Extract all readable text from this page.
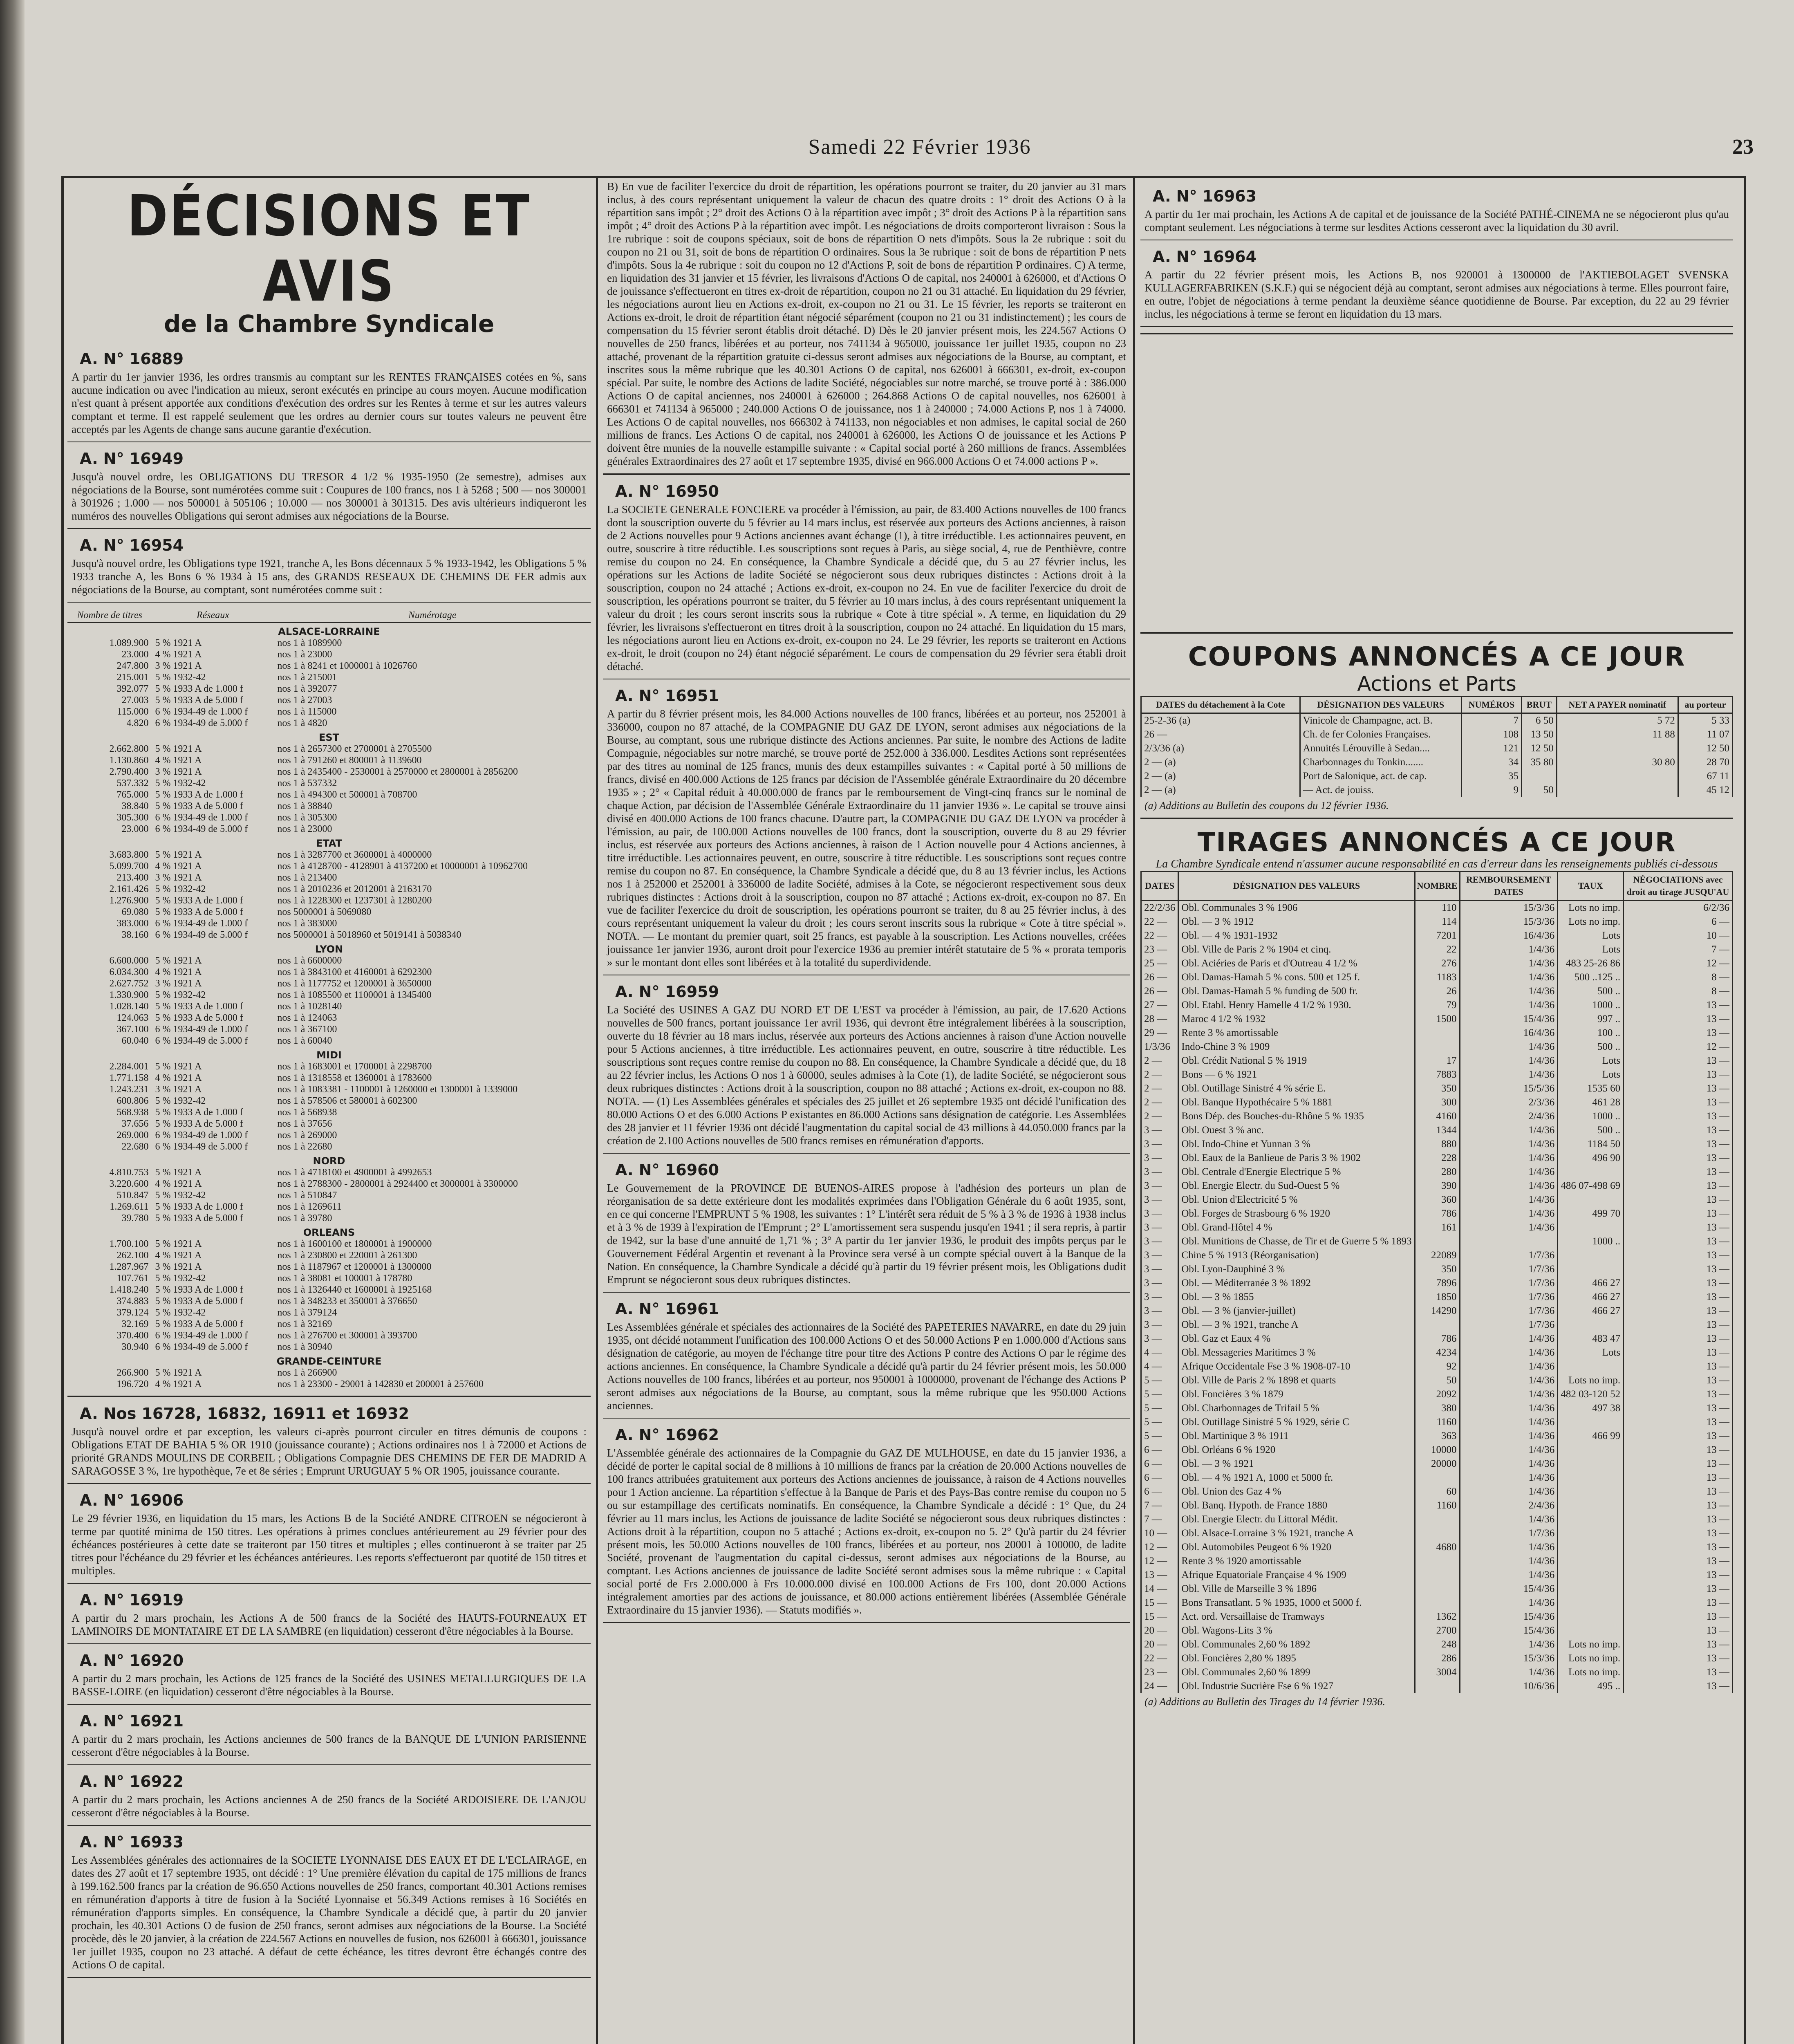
Samedi 22 Février 1936	23
DÉCISIONS ET AVIS
de la Chambre Syndicale
A. N° 16889
A partir du 1er janvier 1936, les ordres transmis au comptant sur les RENTES FRANÇAISES cotées en %, sans aucune indication ou avec l'indication au mieux, seront exécutés en principe au cours moyen. Aucune modification n'est quant à présent apportée aux conditions d'exécution des ordres sur les Rentes à terme et sur les autres valeurs comptant et terme. Il est rappelé seulement que les ordres au dernier cours sur toutes valeurs ne peuvent être acceptés par les Agents de change sans aucune garantie d'exécution.
A. N° 16949
Jusqu'à nouvel ordre, les OBLIGATIONS DU TRESOR 4 1/2 % 1935-1950 (2e semestre), admises aux négociations de la Bourse, sont numérotées comme suit : Coupures de 100 francs, nos 1 à 5268 ; 500 — nos 300001 à 301926 ; 1.000 — nos 500001 à 505106 ; 10.000 — nos 300001 à 301315. Des avis ultérieurs indiqueront les numéros des nouvelles Obligations qui seront admises aux négociations de la Bourse.
A. N° 16954
Jusqu'à nouvel ordre, les Obligations type 1921, tranche A, les Bons décennaux 5 % 1933-1942, les Obligations 5 % 1933 tranche A, les Bons 6 % 1934 à 15 ans, des GRANDS RESEAUX DE CHEMINS DE FER admis aux négociations de la Bourse, au comptant, sont numérotées comme suit :
Nombre de titres	Réseaux	Numérotage
ALSACE-LORRAINE		
1.089.900	5 % 1921 A	nos 1 à 1089900
23.000	4 % 1921 A	nos 1 à 23000
247.800	3 % 1921 A	nos 1 à 8241 et 1000001 à 1026760
215.001	5 % 1932-42	nos 1 à 215001
392.077	5 % 1933 A de 1.000 f	nos 1 à 392077
27.003	5 % 1933 A de 5.000 f	nos 1 à 27003
115.000	6 % 1934-49 de 1.000 f	nos 1 à 115000
4.820	6 % 1934-49 de 5.000 f	nos 1 à 4820
EST		
2.662.800	5 % 1921 A	nos 1 à 2657300 et 2700001 à 2705500
1.130.860	4 % 1921 A	nos 1 à 791260 et 800001 à 1139600
2.790.400	3 % 1921 A	nos 1 à 2435400 - 2530001 à 2570000 et 2800001 à 2856200
537.332	5 % 1932-42	nos 1 à 537332
765.000	5 % 1933 A de 1.000 f	nos 1 à 494300 et 500001 à 708700
38.840	5 % 1933 A de 5.000 f	nos 1 à 38840
305.300	6 % 1934-49 de 1.000 f	nos 1 à 305300
23.000	6 % 1934-49 de 5.000 f	nos 1 à 23000
ETAT		
3.683.800	5 % 1921 A	nos 1 à 3287700 et 3600001 à 4000000
5.099.700	4 % 1921 A	nos 1 à 4128700 - 4128901 à 4137200 et 10000001 à 10962700
213.400	3 % 1921 A	nos 1 à 213400
2.161.426	5 % 1932-42	nos 1 à 2010236 et 2012001 à 2163170
1.276.900	5 % 1933 A de 1.000 f	nos 1 à 1228300 et 1237301 à 1280200
69.080	5 % 1933 A de 5.000 f	nos 5000001 à 5069080
383.000	6 % 1934-49 de 1.000 f	nos 1 à 383000
38.160	6 % 1934-49 de 5.000 f	nos 5000001 à 5018960 et 5019141 à 5038340
LYON		
6.600.000	5 % 1921 A	nos 1 à 6600000
6.034.300	4 % 1921 A	nos 1 à 3843100 et 4160001 à 6292300
2.627.752	3 % 1921 A	nos 1 à 1177752 et 1200001 à 3650000
1.330.900	5 % 1932-42	nos 1 à 1085500 et 1100001 à 1345400
1.028.140	5 % 1933 A de 1.000 f	nos 1 à 1028140
124.063	5 % 1933 A de 5.000 f	nos 1 à 124063
367.100	6 % 1934-49 de 1.000 f	nos 1 à 367100
60.040	6 % 1934-49 de 5.000 f	nos 1 à 60040
MIDI		
2.284.001	5 % 1921 A	nos 1 à 1683001 et 1700001 à 2298700
1.771.158	4 % 1921 A	nos 1 à 1318558 et 1360001 à 1783600
1.243.231	3 % 1921 A	nos 1 à 1083381 - 1100001 à 1260000 et 1300001 à 1339000
600.806	5 % 1932-42	nos 1 à 578506 et 580001 à 602300
568.938	5 % 1933 A de 1.000 f	nos 1 à 568938
37.656	5 % 1933 A de 5.000 f	nos 1 à 37656
269.000	6 % 1934-49 de 1.000 f	nos 1 à 269000
22.680	6 % 1934-49 de 5.000 f	nos 1 à 22680
NORD		
4.810.753	5 % 1921 A	nos 1 à 4718100 et 4900001 à 4992653
3.220.600	4 % 1921 A	nos 1 à 2788300 - 2800001 à 2924400 et 3000001 à 3300000
510.847	5 % 1932-42	nos 1 à 510847
1.269.611	5 % 1933 A de 1.000 f	nos 1 à 1269611
39.780	5 % 1933 A de 5.000 f	nos 1 à 39780
ORLEANS		
1.700.100	5 % 1921 A	nos 1 à 1600100 et 1800001 à 1900000
262.100	4 % 1921 A	nos 1 à 230800 et 220001 à 261300
1.287.967	3 % 1921 A	nos 1 à 1187967 et 1200001 à 1300000
107.761	5 % 1932-42	nos 1 à 38081 et 100001 à 178780
1.418.240	5 % 1933 A de 1.000 f	nos 1 à 1326440 et 1600001 à 1925168
374.883	5 % 1933 A de 5.000 f	nos 1 à 348233 et 350001 à 376650
379.124	5 % 1932-42	nos 1 à 379124
32.169	5 % 1933 A de 5.000 f	nos 1 à 32169
370.400	6 % 1934-49 de 1.000 f	nos 1 à 276700 et 300001 à 393700
30.940	6 % 1934-49 de 5.000 f	nos 1 à 30940
GRANDE-CEINTURE		
266.900	5 % 1921 A	nos 1 à 266900
196.720	4 % 1921 A	nos 1 à 23300 - 29001 à 142830 et 200001 à 257600
A. Nos 16728, 16832, 16911 et 16932
Jusqu'à nouvel ordre et par exception, les valeurs ci-après pourront circuler en titres démunis de coupons : Obligations ETAT DE BAHIA 5 % OR 1910 (jouissance courante) ; Actions ordinaires nos 1 à 72000 et Actions de priorité GRANDS MOULINS DE CORBEIL ; Obligations Compagnie DES CHEMINS DE FER DE MADRID A SARAGOSSE 3 %, 1re hypothèque, 7e et 8e séries ; Emprunt URUGUAY 5 % OR 1905, jouissance courante.
A. N° 16906
Le 29 février 1936, en liquidation du 15 mars, les Actions B de la Société ANDRE CITROEN se négocieront à terme par quotité minima de 150 titres. Les opérations à primes conclues antérieurement au 29 février pour des échéances postérieures à cette date se traiteront par 150 titres et multiples ; elles continueront à se traiter par 25 titres pour l'échéance du 29 février et les échéances antérieures. Les reports s'effectueront par quotité de 150 titres et multiples.
A. N° 16919
A partir du 2 mars prochain, les Actions A de 500 francs de la Société des HAUTS-FOURNEAUX ET LAMINOIRS DE MONTATAIRE ET DE LA SAMBRE (en liquidation) cesseront d'être négociables à la Bourse.
A. N° 16920
A partir du 2 mars prochain, les Actions de 125 francs de la Société des USINES METALLURGIQUES DE LA BASSE-LOIRE (en liquidation) cesseront d'être négociables à la Bourse.
A. N° 16921
A partir du 2 mars prochain, les Actions anciennes de 500 francs de la BANQUE DE L'UNION PARISIENNE cesseront d'être négociables à la Bourse.
A. N° 16922
A partir du 2 mars prochain, les Actions anciennes A de 250 francs de la Société ARDOISIERE DE L'ANJOU cesseront d'être négociables à la Bourse.
A. N° 16933
Les Assemblées générales des actionnaires de la SOCIETE LYONNAISE DES EAUX ET DE L'ECLAIRAGE, en dates des 27 août et 17 septembre 1935, ont décidé : 1° Une première élévation du capital de 175 millions de francs à 199.162.500 francs par la création de 96.650 Actions nouvelles de 250 francs, comportant 40.301 Actions remises en rémunération d'apports à titre de fusion à la Société Lyonnaise et 56.349 Actions remises à 16 Sociétés en rémunération d'apports simples. En conséquence, la Chambre Syndicale a décidé que, à partir du 20 janvier prochain, les 40.301 Actions O de fusion de 250 francs, seront admises aux négociations de la Bourse. La Société procède, dès le 20 janvier, à la création de 224.567 Actions en nouvelles de fusion, nos 626001 à 666301, jouissance 1er juillet 1935, coupon no 23 attaché. A défaut de cette échéance, les titres devront être échangés contre des Actions O de capital.
B) En vue de faciliter l'exercice du droit de répartition, les opérations pourront se traiter, du 20 janvier au 31 mars inclus, à des cours représentant uniquement la valeur de chacun des quatre droits : 1° droit des Actions O à la répartition sans impôt ; 2° droit des Actions O à la répartition avec impôt ; 3° droit des Actions P à la répartition sans impôt ; 4° droit des Actions P à la répartition avec impôt. Les négociations de droits comporteront livraison : Sous la 1re rubrique : soit de coupons spéciaux, soit de bons de répartition O nets d'impôts. Sous la 2e rubrique : soit du coupon no 21 ou 31, soit de bons de répartition O ordinaires. Sous la 3e rubrique : soit de bons de répartition P nets d'impôts. Sous la 4e rubrique : soit du coupon no 12 d'Actions P, soit de bons de répartition P ordinaires. C) A terme, en liquidation des 31 janvier et 15 février, les livraisons d'Actions O de capital, nos 240001 à 626000, et d'Actions O de jouissance s'effectueront en titres ex-droit de répartition, coupon no 21 ou 31 attaché. En liquidation du 29 février, les négociations auront lieu en Actions ex-droit, ex-coupon no 21 ou 31. Le 15 février, les reports se traiteront en Actions ex-droit, le droit de répartition étant négocié séparément (coupon no 21 ou 31 indistinctement) ; les cours de compensation du 15 février seront établis droit détaché. D) Dès le 20 janvier présent mois, les 224.567 Actions O nouvelles de 250 francs, libérées et au porteur, nos 741134 à 965000, jouissance 1er juillet 1935, coupon no 23 attaché, provenant de la répartition gratuite ci-dessus seront admises aux négociations de la Bourse, au comptant, et inscrites sous la même rubrique que les 40.301 Actions O de capital, nos 626001 à 666301, ex-droit, ex-coupon spécial. Par suite, le nombre des Actions de ladite Société, négociables sur notre marché, se trouve porté à : 386.000 Actions O de capital anciennes, nos 240001 à 626000 ; 264.868 Actions O de capital nouvelles, nos 626001 à 666301 et 741134 à 965000 ; 240.000 Actions O de jouissance, nos 1 à 240000 ; 74.000 Actions P, nos 1 à 74000. Les Actions O de capital nouvelles, nos 666302 à 741133, non négociables et non admises, le capital social de 260 millions de francs. Les Actions O de capital, nos 240001 à 626000, les Actions O de jouissance et les Actions P doivent être munies de la nouvelle estampille suivante : « Capital social porté à 260 millions de francs. Assemblées générales Extraordinaires des 27 août et 17 septembre 1935, divisé en 966.000 Actions O et 74.000 actions P ».
A. N° 16950
La SOCIETE GENERALE FONCIERE va procéder à l'émission, au pair, de 83.400 Actions nouvelles de 100 francs dont la souscription ouverte du 5 février au 14 mars inclus, est réservée aux porteurs des Actions anciennes, à raison de 2 Actions nouvelles pour 9 Actions anciennes avant échange (1), à titre irréductible. Les actionnaires peuvent, en outre, souscrire à titre réductible. Les souscriptions sont reçues à Paris, au siège social, 4, rue de Penthièvre, contre remise du coupon no 24. En conséquence, la Chambre Syndicale a décidé que, du 5 au 27 février inclus, les opérations sur les Actions de ladite Société se négocieront sous deux rubriques distinctes : Actions droit à la souscription, coupon no 24 attaché ; Actions ex-droit, ex-coupon no 24. En vue de faciliter l'exercice du droit de souscription, les opérations pourront se traiter, du 5 février au 10 mars inclus, à des cours représentant uniquement la valeur du droit ; les cours seront inscrits sous la rubrique « Cote à titre spécial ». A terme, en liquidation du 29 février, les livraisons s'effectueront en titres droit à la souscription, coupon no 24 attaché. En liquidation du 15 mars, les négociations auront lieu en Actions ex-droit, ex-coupon no 24. Le 29 février, les reports se traiteront en Actions ex-droit, le droit (coupon no 24) étant négocié séparément. Le cours de compensation du 29 février sera établi droit détaché.
A. N° 16951
A partir du 8 février présent mois, les 84.000 Actions nouvelles de 100 francs, libérées et au porteur, nos 252001 à 336000, coupon no 87 attaché, de la COMPAGNIE DU GAZ DE LYON, seront admises aux négociations de la Bourse, au comptant, sous une rubrique distincte des Actions anciennes. Par suite, le nombre des Actions de ladite Compagnie, négociables sur notre marché, se trouve porté de 252.000 à 336.000. Lesdites Actions sont représentées par des titres au nominal de 125 francs, munis des deux estampilles suivantes : « Capital porté à 50 millions de francs, divisé en 400.000 Actions de 125 francs par décision de l'Assemblée générale Extraordinaire du 20 décembre 1935 » ; 2° « Capital réduit à 40.000.000 de francs par le remboursement de Vingt-cinq francs sur le nominal de chaque Action, par décision de l'Assemblée Générale Extraordinaire du 11 janvier 1936 ». Le capital se trouve ainsi divisé en 400.000 Actions de 100 francs chacune. D'autre part, la COMPAGNIE DU GAZ DE LYON va procéder à l'émission, au pair, de 100.000 Actions nouvelles de 100 francs, dont la souscription, ouverte du 8 au 29 février inclus, est réservée aux porteurs des Actions anciennes, à raison de 1 Action nouvelle pour 4 Actions anciennes, à titre irréductible. Les actionnaires peuvent, en outre, souscrire à titre réductible. Les souscriptions sont reçues contre remise du coupon no 87. En conséquence, la Chambre Syndicale a décidé que, du 8 au 13 février inclus, les Actions nos 1 à 252000 et 252001 à 336000 de ladite Société, admises à la Cote, se négocieront respectivement sous deux rubriques distinctes : Actions droit à la souscription, coupon no 87 attaché ; Actions ex-droit, ex-coupon no 87. En vue de faciliter l'exercice du droit de souscription, les opérations pourront se traiter, du 8 au 25 février inclus, à des cours représentant uniquement la valeur du droit ; les cours seront inscrits sous la rubrique « Cote à titre spécial ». NOTA. — Le montant du premier quart, soit 25 francs, est payable à la souscription. Les Actions nouvelles, créées jouissance 1er janvier 1936, auront droit pour l'exercice 1936 au premier intérêt statutaire de 5 % « prorata temporis » sur le montant dont elles sont libérées et à la totalité du superdividende.
A. N° 16959
La Société des USINES A GAZ DU NORD ET DE L'EST va procéder à l'émission, au pair, de 17.620 Actions nouvelles de 500 francs, portant jouissance 1er avril 1936, qui devront être intégralement libérées à la souscription, ouverte du 18 février au 18 mars inclus, réservée aux porteurs des Actions anciennes à raison d'une Action nouvelle pour 5 Actions anciennes, à titre irréductible. Les actionnaires peuvent, en outre, souscrire à titre réductible. Les souscriptions sont reçues contre remise du coupon no 88. En conséquence, la Chambre Syndicale a décidé que, du 18 au 22 février inclus, les Actions O nos 1 à 60000, seules admises à la Cote (1), de ladite Société, se négocieront sous deux rubriques distinctes : Actions droit à la souscription, coupon no 88 attaché ; Actions ex-droit, ex-coupon no 88. NOTA. — (1) Les Assemblées générales et spéciales des 25 juillet et 26 septembre 1935 ont décidé l'unification des 80.000 Actions O et des 6.000 Actions P existantes en 86.000 Actions sans désignation de catégorie. Les Assemblées des 28 janvier et 11 février 1936 ont décidé l'augmentation du capital social de 43 millions à 44.050.000 francs par la création de 2.100 Actions nouvelles de 500 francs remises en rémunération d'apports.
A. N° 16960
Le Gouvernement de la PROVINCE DE BUENOS-AIRES propose à l'adhésion des porteurs un plan de réorganisation de sa dette extérieure dont les modalités exprimées dans l'Obligation Générale du 6 août 1935, sont, en ce qui concerne l'EMPRUNT 5 % 1908, les suivantes : 1° L'intérêt sera réduit de 5 % à 3 % de 1936 à 1938 inclus et à 3 % de 1939 à l'expiration de l'Emprunt ; 2° L'amortissement sera suspendu jusqu'en 1941 ; il sera repris, à partir de 1942, sur la base d'une annuité de 1,71 % ; 3° A partir du 1er janvier 1936, le produit des impôts perçus par le Gouvernement Fédéral Argentin et revenant à la Province sera versé à un compte spécial ouvert à la Banque de la Nation. En conséquence, la Chambre Syndicale a décidé qu'à partir du 19 février présent mois, les Obligations dudit Emprunt se négocieront sous deux rubriques distinctes.
A. N° 16961
Les Assemblées générale et spéciales des actionnaires de la Société des PAPETERIES NAVARRE, en date du 29 juin 1935, ont décidé notamment l'unification des 100.000 Actions O et des 50.000 Actions P en 1.000.000 d'Actions sans désignation de catégorie, au moyen de l'échange titre pour titre des Actions P contre des Actions O par le régime des actions anciennes. En conséquence, la Chambre Syndicale a décidé qu'à partir du 24 février présent mois, les 50.000 Actions nouvelles de 100 francs, libérées et au porteur, nos 950001 à 1000000, provenant de l'échange des Actions P seront admises aux négociations de la Bourse, au comptant, sous la même rubrique que les 950.000 Actions anciennes.
A. N° 16962
L'Assemblée générale des actionnaires de la Compagnie du GAZ DE MULHOUSE, en date du 15 janvier 1936, a décidé de porter le capital social de 8 millions à 10 millions de francs par la création de 20.000 Actions nouvelles de 100 francs attribuées gratuitement aux porteurs des Actions anciennes de jouissance, à raison de 4 Actions nouvelles pour 1 Action ancienne. La répartition s'effectue à la Banque de Paris et des Pays-Bas contre remise du coupon no 5 ou sur estampillage des certificats nominatifs. En conséquence, la Chambre Syndicale a décidé : 1° Que, du 24 février au 11 mars inclus, les Actions de jouissance de ladite Société se négocieront sous deux rubriques distinctes : Actions droit à la répartition, coupon no 5 attaché ; Actions ex-droit, ex-coupon no 5. 2° Qu'à partir du 24 février présent mois, les 50.000 Actions nouvelles de 100 francs, libérées et au porteur, nos 20001 à 100000, de ladite Société, provenant de l'augmentation du capital ci-dessus, seront admises aux négociations de la Bourse, au comptant. Les Actions anciennes de jouissance de ladite Société seront admises sous la même rubrique : « Capital social porté de Frs 2.000.000 à Frs 10.000.000 divisé en 100.000 Actions de Frs 100, dont 20.000 Actions intégralement amorties par des actions de jouissance, et 80.000 actions entièrement libérées (Assemblée Générale Extraordinaire du 15 janvier 1936). — Statuts modifiés ».
A. N° 16963
A partir du 1er mai prochain, les Actions A de capital et de jouissance de la Société PATHÉ-CINEMA ne se négocieront plus qu'au comptant seulement. Les négociations à terme sur lesdites Actions cesseront avec la liquidation du 30 avril.
A. N° 16964
A partir du 22 février présent mois, les Actions B, nos 920001 à 1300000 de l'AKTIEBOLAGET SVENSKA KULLAGERFABRIKEN (S.K.F.) qui se négocient déjà au comptant, seront admises aux négociations à terme. Elles pourront faire, en outre, l'objet de négociations à terme pendant la deuxième séance quotidienne de Bourse. Par exception, du 22 au 29 février inclus, les négociations à terme se feront en liquidation du 13 mars.
COUPONS ANNONCÉS A CE JOUR
Actions et Parts
DATES du détachement à la Cote	DÉSIGNATION DES VALEURS	NUMÉROS	BRUT	NET A PAYER nominatif	au porteur
25-2-36 (a)	Vinicole de Champagne, act. B.	7	6 50	5 72	5 33
26 —	Ch. de fer Colonies Françaises.	108	13 50	11 88	11 07
2/3/36 (a)	Annuités Lérouville à Sedan....	121	12 50		12 50
2 — (a)	Charbonnages du Tonkin.......	34	35 80	30 80	28 70
2 — (a)	Port de Salonique, act. de cap.	35			67 11
2 — (a)	— Act. de jouiss.	9	50		45 12
(a) Additions au Bulletin des coupons du 12 février 1936.
TIRAGES ANNONCÉS A CE JOUR
La Chambre Syndicale entend n'assumer aucune responsabilité en cas d'erreur dans les renseignements publiés ci-dessous
DATES	DÉSIGNATION DES VALEURS	NOMBRE	REMBOURSEMENT DATES	TAUX	NÉGOCIATIONS avec droit au tirage JUSQU'AU
22/2/36	Obl. Communales 3 % 1906	110	15/3/36	Lots no imp.	6/2/36
22 —	Obl. — 3 % 1912	114	15/3/36	Lots no imp.	6 —
22 —	Obl. — 4 % 1931-1932	7201	16/4/36	Lots	10 —
23 —	Obl. Ville de Paris 2 % 1904 et cinq.	22	1/4/36	Lots	7 —
25 —	Obl. Aciéries de Paris et d'Outreau 4 1/2 %	276	1/4/36	483 25-26 86	12 —
26 —	Obl. Damas-Hamah 5 % cons. 500 et 125 f.	1183	1/4/36	500 ..125 ..	8 —
26 —	Obl. Damas-Hamah 5 % funding de 500 fr.	26	1/4/36	500 ..	8 —
27 —	Obl. Etabl. Henry Hamelle 4 1/2 % 1930.	79	1/4/36	1000 ..	13 —
28 —	Maroc 4 1/2 % 1932	1500	15/4/36	997 ..	13 —
29 —	Rente 3 % amortissable		16/4/36	100 ..	13 —
1/3/36	Indo-Chine 3 % 1909		1/4/36	500 ..	12 —
2 —	Obl. Crédit National 5 % 1919	17	1/4/36	Lots	13 —
2 —	Bons — 6 % 1921	7883	1/4/36	Lots	13 —
2 —	Obl. Outillage Sinistré 4 % série E.	350	15/5/36	1535 60	13 —
2 —	Obl. Banque Hypothécaire 5 % 1881	300	2/3/36	461 28	13 —
2 —	Bons Dép. des Bouches-du-Rhône 5 % 1935	4160	2/4/36	1000 ..	13 —
3 —	Obl. Ouest 3 % anc.	1344	1/4/36	500 ..	13 —
3 —	Obl. Indo-Chine et Yunnan 3 %	880	1/4/36	1184 50	13 —
3 —	Obl. Eaux de la Banlieue de Paris 3 % 1902	228	1/4/36	496 90	13 —
3 —	Obl. Centrale d'Energie Electrique 5 %	280	1/4/36		13 —
3 —	Obl. Energie Electr. du Sud-Ouest 5 %	390	1/4/36	486 07-498 69	13 —
3 —	Obl. Union d'Electricité 5 %	360	1/4/36		13 —
3 —	Obl. Forges de Strasbourg 6 % 1920	786	1/4/36	499 70	13 —
3 —	Obl. Grand-Hôtel 4 %	161	1/4/36		13 —
3 —	Obl. Munitions de Chasse, de Tir et de Guerre 5 % 1893			1000 ..	13 —
3 —	Chine 5 % 1913 (Réorganisation)	22089	1/7/36		13 —
3 —	Obl. Lyon-Dauphiné 3 %	350	1/7/36		13 —
3 —	Obl. — Méditerranée 3 % 1892	7896	1/7/36	466 27	13 —
3 —	Obl. — 3 % 1855	1850	1/7/36	466 27	13 —
3 —	Obl. — 3 % (janvier-juillet)	14290	1/7/36	466 27	13 —
3 —	Obl. — 3 % 1921, tranche A		1/7/36		13 —
3 —	Obl. Gaz et Eaux 4 %	786	1/4/36	483 47	13 —
4 —	Obl. Messageries Maritimes 3 %	4234	1/4/36	Lots	13 —
4 —	Afrique Occidentale Fse 3 % 1908-07-10	92	1/4/36		13 —
5 —	Obl. Ville de Paris 2 % 1898 et quarts	50	1/4/36	Lots no imp.	13 —
5 —	Obl. Foncières 3 % 1879	2092	1/4/36	482 03-120 52	13 —
5 —	Obl. Charbonnages de Trifail 5 %	380	1/4/36	497 38	13 —
5 —	Obl. Outillage Sinistré 5 % 1929, série C	1160	1/4/36		13 —
5 —	Obl. Martinique 3 % 1911	363	1/4/36	466 99	13 —
6 —	Obl. Orléans 6 % 1920	10000	1/4/36		13 —
6 —	Obl. — 3 % 1921	20000	1/4/36		13 —
6 —	Obl. — 4 % 1921 A, 1000 et 5000 fr.		1/4/36		13 —
6 —	Obl. Union des Gaz 4 %	60	1/4/36		13 —
7 —	Obl. Banq. Hypoth. de France 1880	1160	2/4/36		13 —
7 —	Obl. Energie Electr. du Littoral Médit.		1/4/36		13 —
10 —	Obl. Alsace-Lorraine 3 % 1921, tranche A		1/7/36		13 —
12 —	Obl. Automobiles Peugeot 6 % 1920	4680	1/4/36		13 —
12 —	Rente 3 % 1920 amortissable		1/4/36		13 —
13 —	Afrique Equatoriale Française 4 % 1909		1/4/36		13 —
14 —	Obl. Ville de Marseille 3 % 1896		15/4/36		13 —
15 —	Bons Transatlant. 5 % 1935, 1000 et 5000 f.		1/4/36		13 —
15 —	Act. ord. Versaillaise de Tramways	1362	15/4/36		13 —
20 —	Obl. Wagons-Lits 3 %	2700	15/4/36		13 —
20 —	Obl. Communales 2,60 % 1892	248	1/4/36	Lots no imp.	13 —
22 —	Obl. Foncières 2,80 % 1895	286	15/3/36	Lots no imp.	13 —
23 —	Obl. Communales 2,60 % 1899	3004	1/4/36	Lots no imp.	13 —
24 —	Obl. Industrie Sucrière Fse 6 % 1927		10/6/36	495 ..	13 —
(a) Additions au Bulletin des Tirages du 14 février 1936.
